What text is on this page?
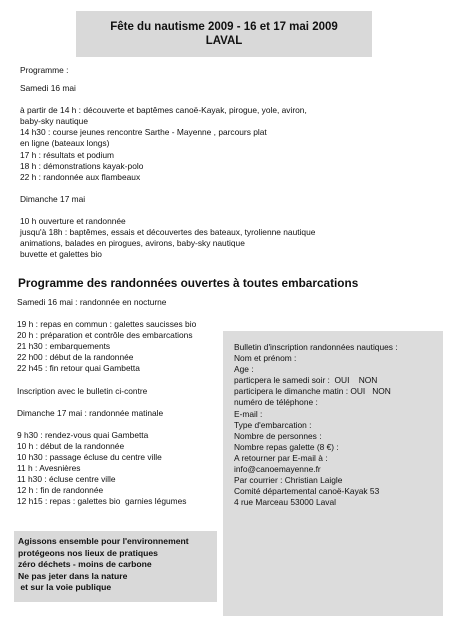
Fête du nautisme 2009 - 16 et 17 mai 2009
LAVAL
Programme :
Samedi 16 mai
à partir de 14 h : découverte et baptêmes canoë-Kayak, pirogue, yole, aviron,
baby-sky nautique
14 h30 : course jeunes rencontre Sarthe - Mayenne , parcours plat
en ligne (bateaux longs)
17 h : résultats et podium
18 h : démonstrations kayak-polo
22 h : randonnée aux flambeaux
Dimanche 17 mai
10 h ouverture et randonnée
jusqu'à 18h : baptêmes, essais et découvertes des bateaux, tyrolienne nautique
animations, balades en pirogues, avirons, baby-sky nautique
buvette et galettes bio
Programme des randonnées ouvertes à toutes embarcations
Samedi 16 mai : randonnée en nocturne
19 h : repas en commun : galettes saucisses bio
20 h : préparation et contrôle des embarcations
21 h30 : embarquements
22 h00 : début de la randonnée
22 h45 : fin retour quai Gambetta
Inscription avec le bulletin ci-contre
Dimanche 17 mai : randonnée matinale
9 h30 : rendez-vous quai Gambetta
10 h : début de la randonnée
10 h30 : passage écluse du centre ville
11 h : Avesnières
11 h30 : écluse centre ville
12 h : fin de randonnée
12 h15 : repas : galettes bio  garnies légumes
Bulletin d'inscription randonnées nautiques :
Nom et prénom :
Age :
particpera le samedi soir :  OUI    NON
participera le dimanche matin : OUI   NON
numéro de téléphone :
E-mail :
Type d'embarcation :
Nombre de personnes :
Nombre repas galette (8 €) :
A retourner par E-mail à :
info@canoemayenne.fr
Par courrier : Christian Laigle
Comité départemental canoë-Kayak 53
4 rue Marceau 53000 Laval
Agissons ensemble pour l'environnement
protégeons nos lieux de pratiques
zéro déchets - moins de carbone
Ne pas jeter dans la nature
et sur la voie publique
